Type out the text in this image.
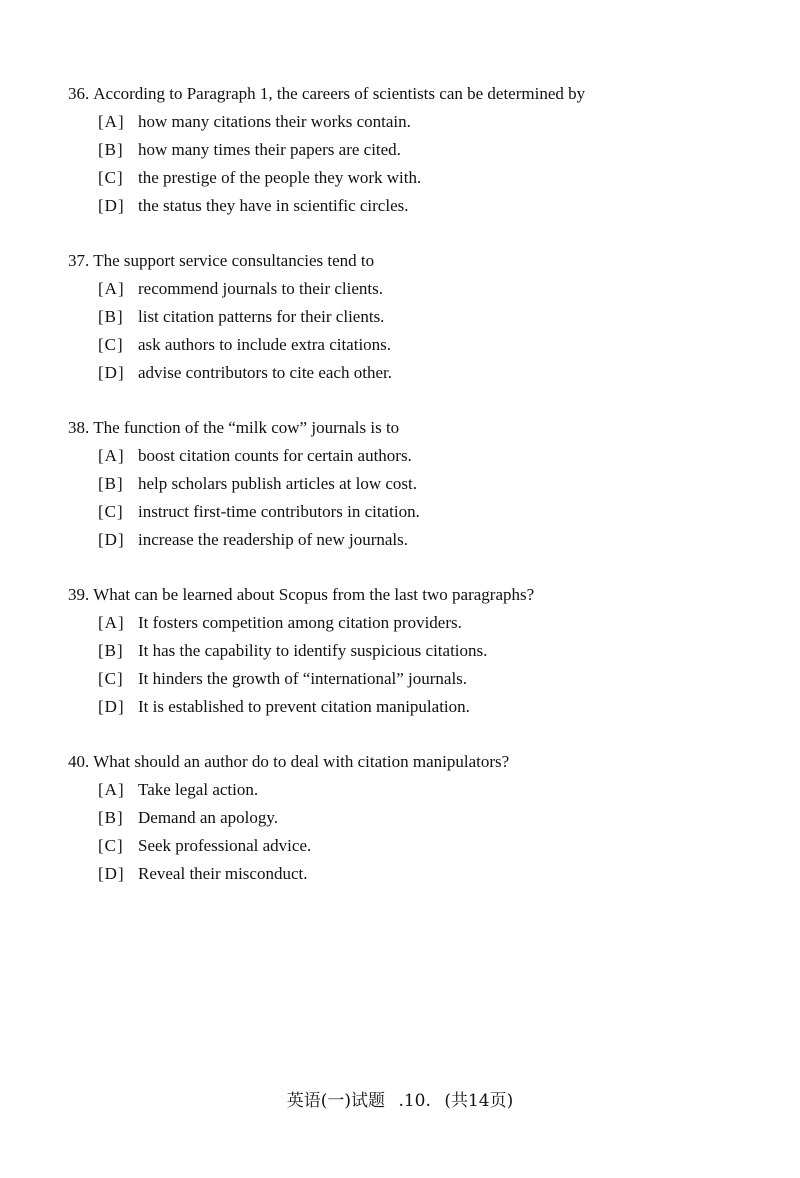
36. According to Paragraph 1, the careers of scientists can be determined by
[A] how many citations their works contain.
[B] how many times their papers are cited.
[C] the prestige of the people they work with.
[D] the status they have in scientific circles.
37. The support service consultancies tend to
[A] recommend journals to their clients.
[B] list citation patterns for their clients.
[C] ask authors to include extra citations.
[D] advise contributors to cite each other.
38. The function of the “milk cow” journals is to
[A] boost citation counts for certain authors.
[B] help scholars publish articles at low cost.
[C] instruct first-time contributors in citation.
[D] increase the readership of new journals.
39. What can be learned about Scopus from the last two paragraphs?
[A] It fosters competition among citation providers.
[B] It has the capability to identify suspicious citations.
[C] It hinders the growth of “international” journals.
[D] It is established to prevent citation manipulation.
40. What should an author do to deal with citation manipulators?
[A] Take legal action.
[B] Demand an apology.
[C] Seek professional advice.
[D] Reveal their misconduct.
英语(一)试题 .10. (共14页)
